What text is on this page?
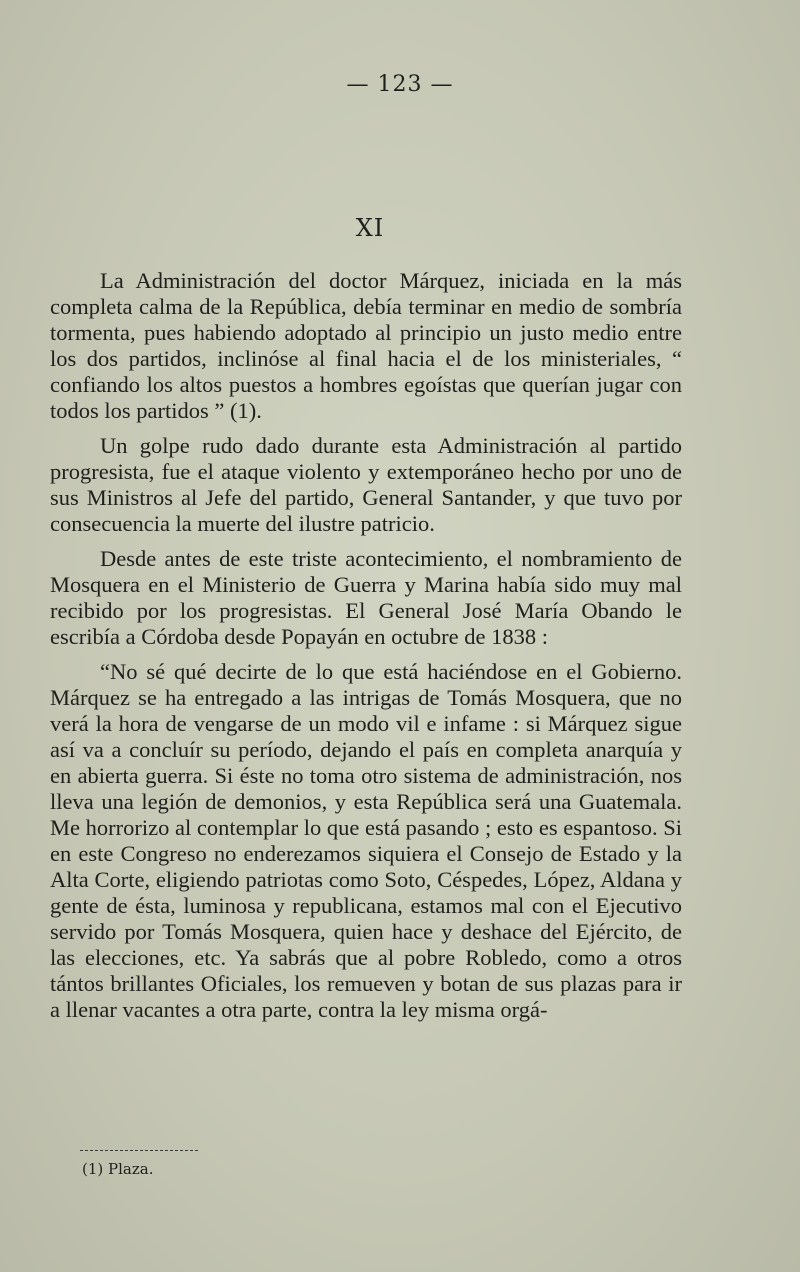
— 123 —
XI

La Administración del doctor Márquez, iniciada en la más completa calma de la República, debía terminar en medio de sombría tormenta, pues habiendo adoptado al principio un justo medio entre los dos partidos, inclinóse al final hacia el de los ministeriales, “ confiando los altos puestos a hombres egoístas que querían jugar con todos los partidos ” (1).

Un golpe rudo dado durante esta Administración al partido progresista, fue el ataque violento y extemporáneo hecho por uno de sus Ministros al Jefe del partido, General Santander, y que tuvo por consecuencia la muerte del ilustre patricio.

Desde antes de este triste acontecimiento, el nombramiento de Mosquera en el Ministerio de Guerra y Marina había sido muy mal recibido por los progresistas. El General José María Obando le escribía a Córdoba desde Popayán en octubre de 1838 :

“No sé qué decirte de lo que está haciéndose en el Gobierno. Márquez se ha entregado a las intrigas de Tomás Mosquera, que no verá la hora de vengarse de un modo vil e infame : si Márquez sigue así va a concluír su período, dejando el país en completa anarquía y en abierta guerra. Si éste no toma otro sistema de administración, nos lleva una legión de demonios, y esta República será una Guatemala. Me horrorizo al contemplar lo que está pasando ; esto es espantoso. Si en este Congreso no enderezamos siquiera el Consejo de Estado y la Alta Corte, eligiendo patriotas como Soto, Céspedes, López, Aldana y gente de ésta, luminosa y republicana, estamos mal con el Ejecutivo servido por Tomás Mosquera, quien hace y deshace del Ejército, de las elecciones, etc. Ya sabrás que al pobre Robledo, como a otros tántos brillantes Oficiales, los remueven y botan de sus plazas para ir a llenar vacantes a otra parte, contra la ley misma orgá-

(1) Plaza.
